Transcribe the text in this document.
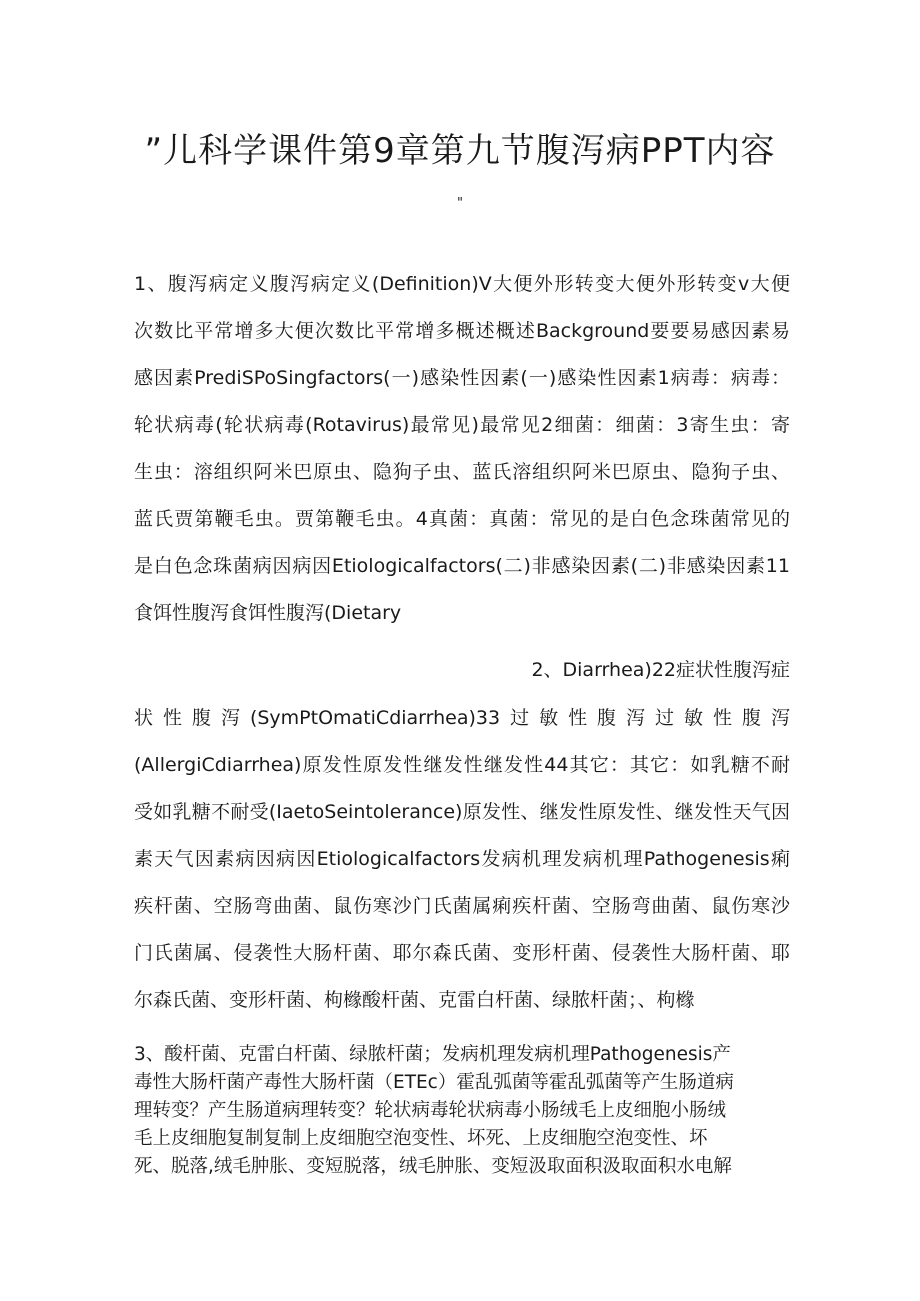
”儿科学课件第9章第九节腹泻病PPT内容
"
1、腹泻病定义腹泻病定义(Definition)V大便外形转变大便外形转变v大便
次数比平常增多大便次数比平常增多概述概述Background要要易感因素易
感因素PrediSPoSingfactors(一)感染性因素(一)感染性因素1病毒：病毒：
轮状病毒(轮状病毒(Rotavirus)最常见)最常见2细菌：细菌：3寄生虫：寄
生虫：溶组织阿米巴原虫、隐狗子虫、蓝氏溶组织阿米巴原虫、隐狗子虫、
蓝氏贾第鞭毛虫。贾第鞭毛虫。4真菌：真菌：常见的是白色念珠菌常见的
是白色念珠菌病因病因Etiologicalfactors(二)非感染因素(二)非感染因素11
食饵性腹泻食饵性腹泻(Dietary
2、Diarrhea)22症状性腹泻症
状性腹泻(SymPtOmatiCdiarrhea)33过敏性腹泻过敏性腹泻
(AllergiCdiarrhea)原发性原发性继发性继发性44其它：其它：如乳糖不耐
受如乳糖不耐受(IaetoSeintolerance)原发性、继发性原发性、继发性天气因
素天气因素病因病因Etiologicalfactors发病机理发病机理Pathogenesis痢
疾杆菌、空肠弯曲菌、鼠伤寒沙门氏菌属痢疾杆菌、空肠弯曲菌、鼠伤寒沙
门氏菌属、侵袭性大肠杆菌、耶尔森氏菌、变形杆菌、侵袭性大肠杆菌、耶
尔森氏菌、变形杆菌、枸橼酸杆菌、克雷白杆菌、绿脓杆菌；、枸橼
3、酸杆菌、克雷白杆菌、绿脓杆菌；发病机理发病机理Pathogenesis产
毒性大肠杆菌产毒性大肠杆菌（ETEc）霍乱弧菌等霍乱弧菌等产生肠道病
理转变？产生肠道病理转变？轮状病毒轮状病毒小肠绒毛上皮细胞小肠绒
毛上皮细胞复制复制上皮细胞空泡变性、坏死、上皮细胞空泡变性、坏
死、脱落,绒毛肿胀、变短脱落，绒毛肿胀、变短汲取面积汲取面积水电解
